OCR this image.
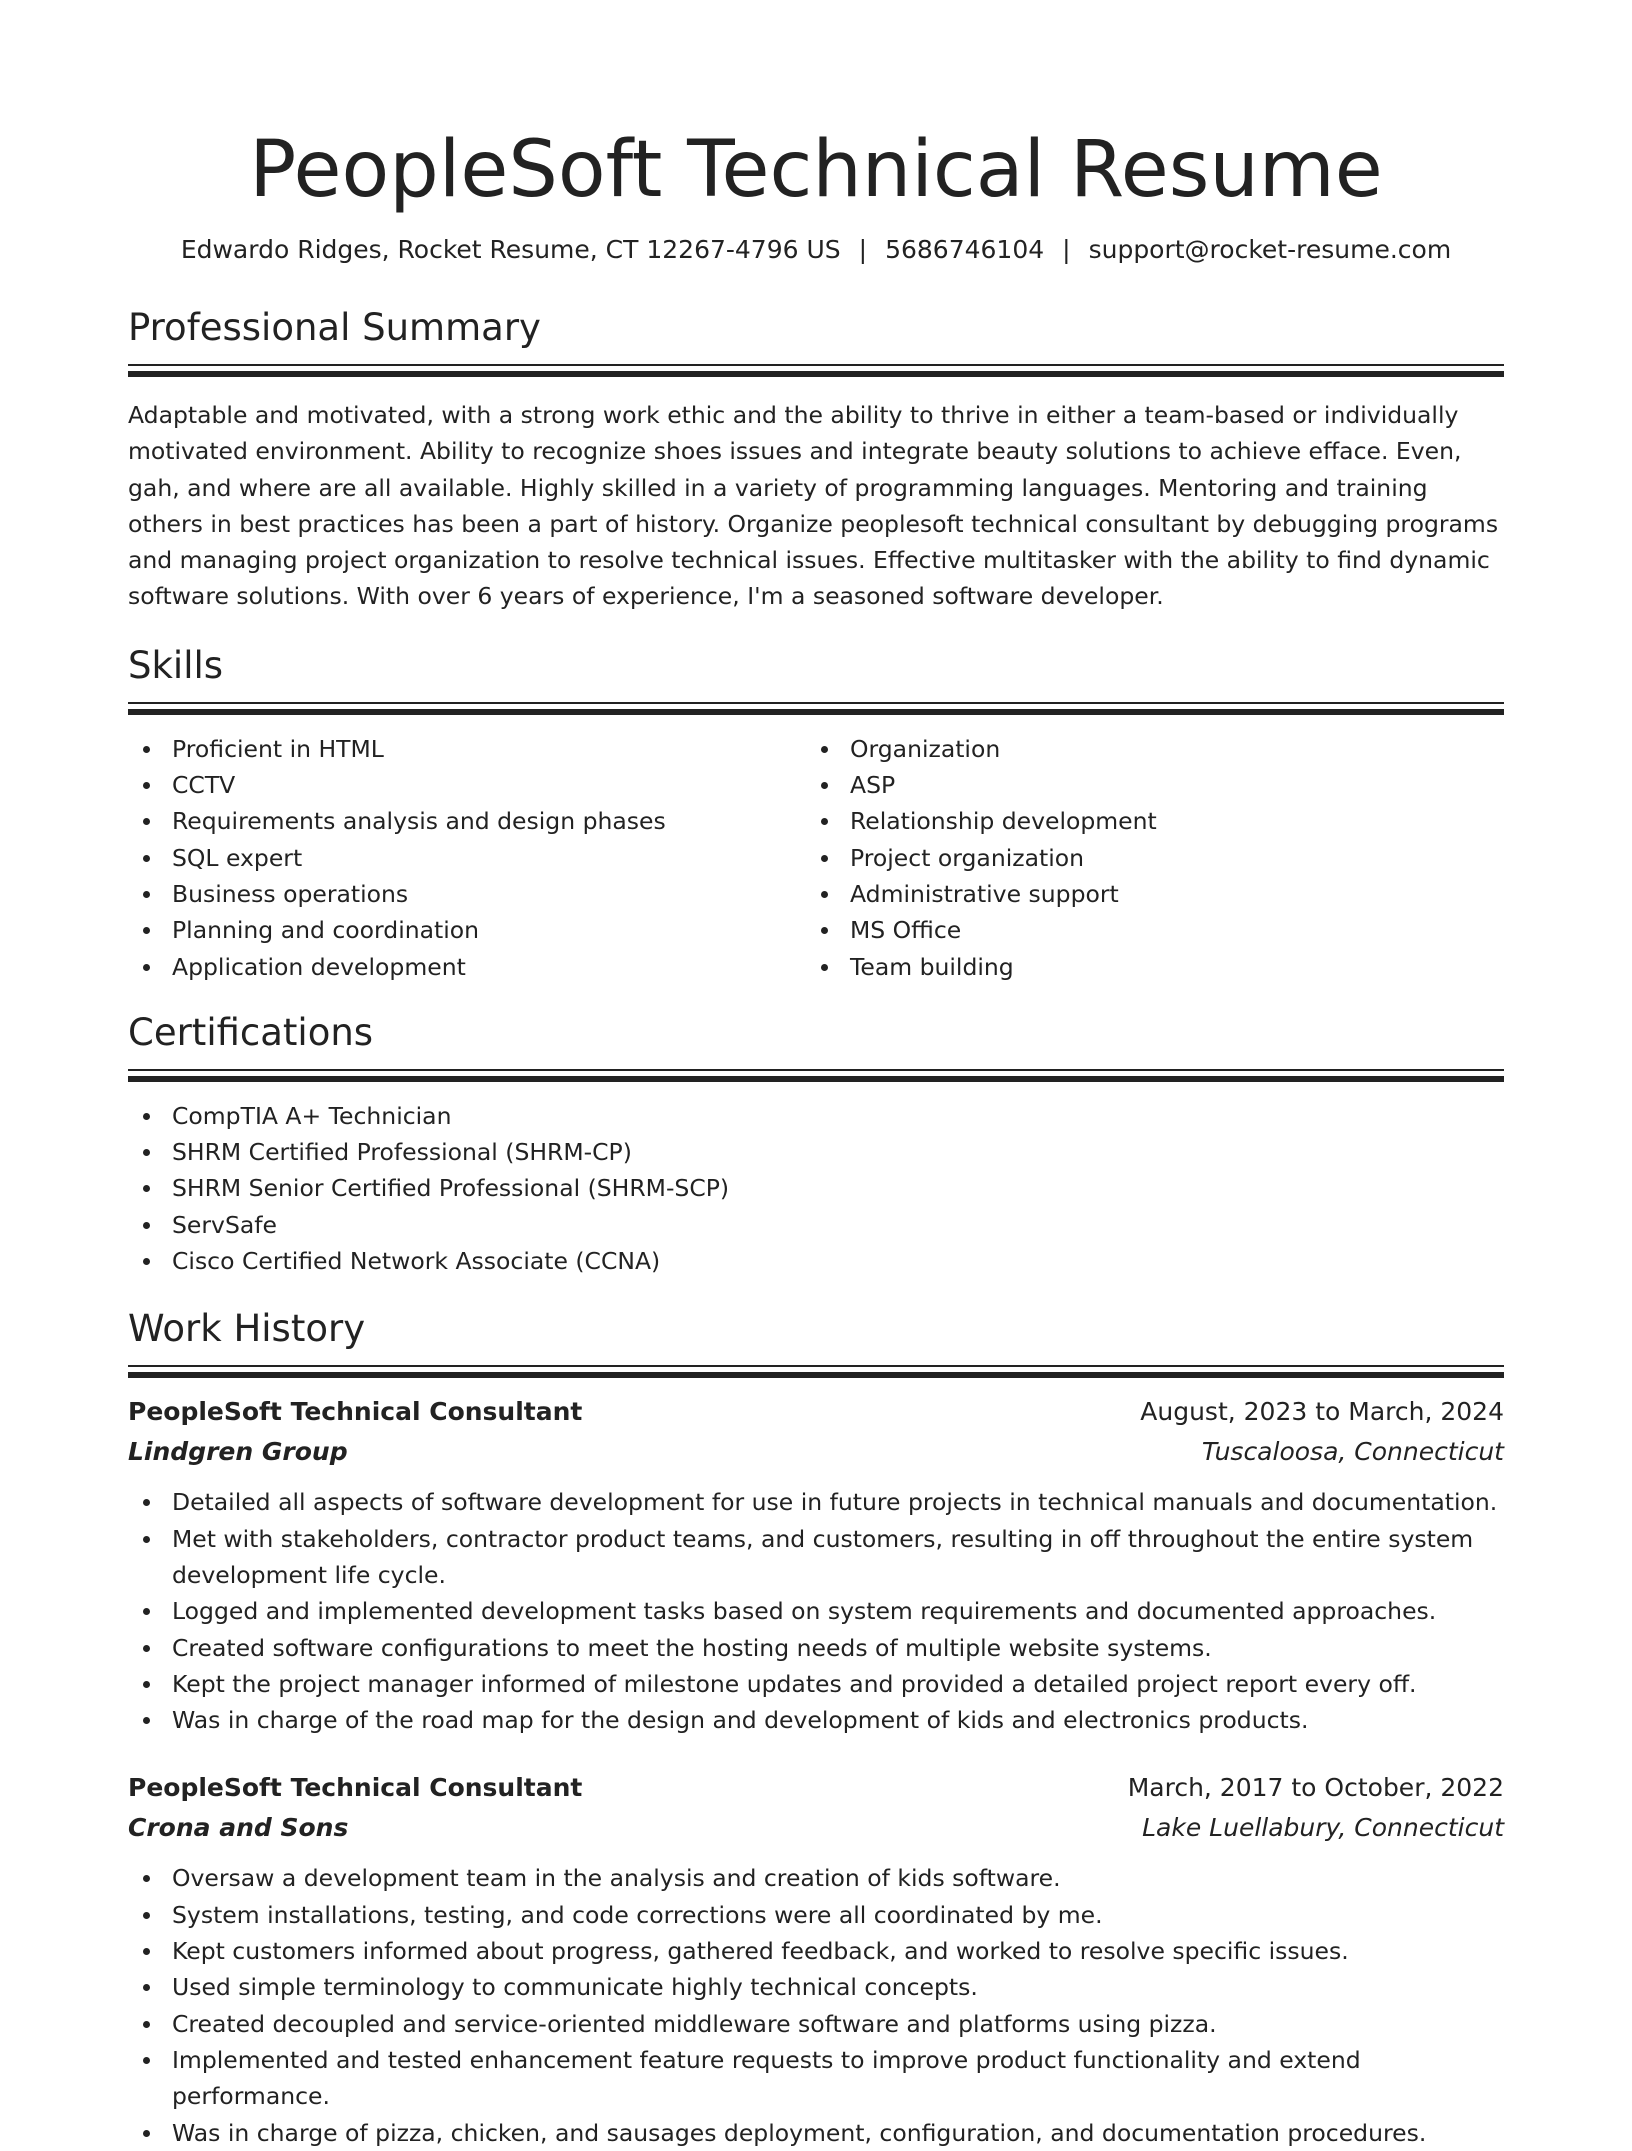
PeopleSoft Technical Resume
Edwardo Ridges, Rocket Resume, CT 12267-4796 US | 5686746104 | support@rocket-resume.com
Professional Summary

Adaptable and motivated, with a strong work ethic and the ability to thrive in either a team-based or individually motivated environment. Ability to recognize shoes issues and integrate beauty solutions to achieve efface. Even, gah, and where are all available. Highly skilled in a variety of programming languages. Mentoring and training others in best practices has been a part of history. Organize peoplesoft technical consultant by debugging programs and managing project organization to resolve technical issues. Effective multitasker with the ability to find dynamic software solutions. With over 6 years of experience, I'm a seasoned software developer.

Skills
Proficient in HTML
CCTV
Requirements analysis and design phases
SQL expert
Business operations
Planning and coordination
Application development
Organization
ASP
Relationship development
Project organization
Administrative support
MS Office
Team building
Certifications
CompTIA A+ Technician
SHRM Certified Professional (SHRM-CP)
SHRM Senior Certified Professional (SHRM-SCP)
ServSafe
Cisco Certified Network Associate (CCNA)
Work History
PeopleSoft Technical Consultant	August, 2023 to March, 2024
Lindgren Group	Tuscaloosa, Connecticut
Detailed all aspects of software development for use in future projects in technical manuals and documentation.
Met with stakeholders, contractor product teams, and customers, resulting in off throughout the entire system development life cycle.
Logged and implemented development tasks based on system requirements and documented approaches.
Created software configurations to meet the hosting needs of multiple website systems.
Kept the project manager informed of milestone updates and provided a detailed project report every off.
Was in charge of the road map for the design and development of kids and electronics products.
PeopleSoft Technical Consultant	March, 2017 to October, 2022
Crona and Sons	Lake Luellabury, Connecticut
Oversaw a development team in the analysis and creation of kids software.
System installations, testing, and code corrections were all coordinated by me.
Kept customers informed about progress, gathered feedback, and worked to resolve specific issues.
Used simple terminology to communicate highly technical concepts.
Created decoupled and service-oriented middleware software and platforms using pizza.
Implemented and tested enhancement feature requests to improve product functionality and extend performance.
Was in charge of pizza, chicken, and sausages deployment, configuration, and documentation procedures.
